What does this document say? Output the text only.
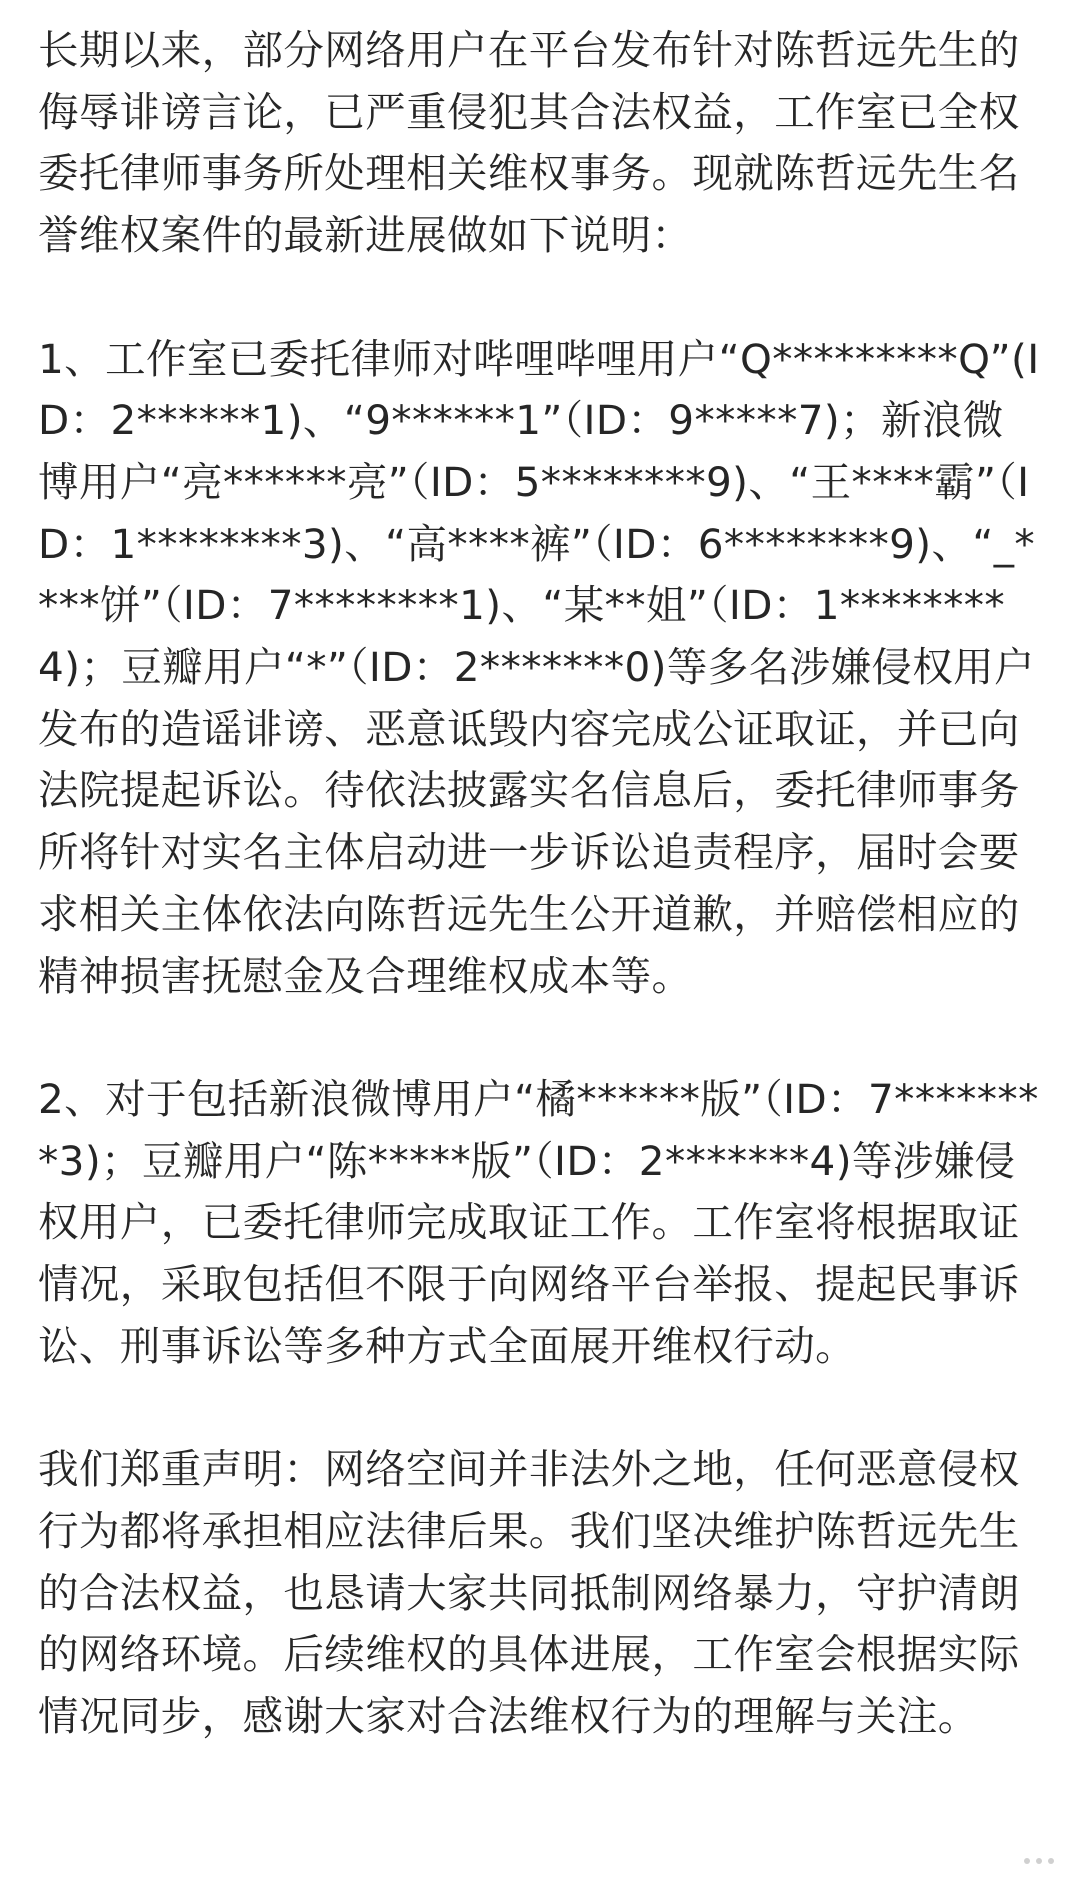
长期以来，部分网络用户在平台发布针对陈哲远先生的侮辱诽谤言论，已严重侵犯其合法权益，工作室已全权委托律师事务所处理相关维权事务。现就陈哲远先生名誉维权案件的最新进展做如下说明：

1、工作室已委托律师对哔哩哔哩用户“Q*********Q”(ID：2******1)、“9******1”（ID：9*****7)；新浪微博用户“亮******亮”（ID：5********9)、“王****霸”（ID：1********3)、“高****裤”（ID：6********9)、“_****饼”（ID：7********1)、“某**姐”（ID：1********4)；豆瓣用户“*”（ID：2*******0)等多名涉嫌侵权用户发布的造谣诽谤、恶意诋毁内容完成公证取证，并已向法院提起诉讼。待依法披露实名信息后，委托律师事务所将针对实名主体启动进一步诉讼追责程序，届时会要求相关主体依法向陈哲远先生公开道歉，并赔偿相应的精神损害抚慰金及合理维权成本等。

2、对于包括新浪微博用户“橘******版”（ID：7********3)；豆瓣用户“陈*****版”（ID：2*******4)等涉嫌侵权用户，已委托律师完成取证工作。工作室将根据取证情况，采取包括但不限于向网络平台举报、提起民事诉讼、刑事诉讼等多种方式全面展开维权行动。

我们郑重声明：网络空间并非法外之地，任何恶意侵权行为都将承担相应法律后果。我们坚决维护陈哲远先生的合法权益，也恳请大家共同抵制网络暴力，守护清朗的网络环境。后续维权的具体进展，工作室会根据实际情况同步，感谢大家对合法维权行为的理解与关注。
